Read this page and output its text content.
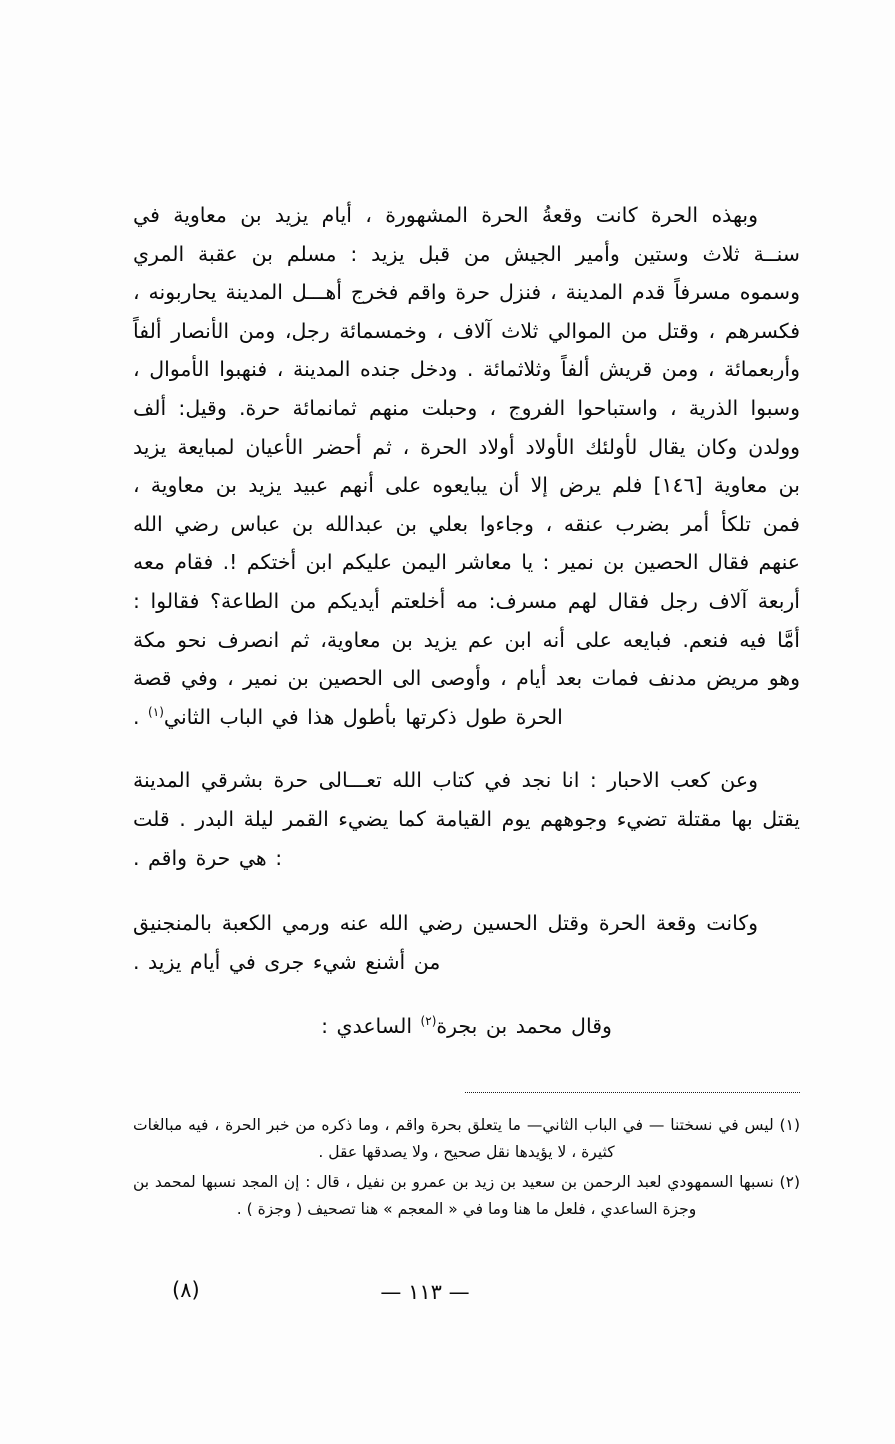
وبهذه الحرة كانت وقعةُ الحرة المشهورة ، أيام يزيد بن معاوية في سنــة ثلاث وستين وأمير الجيش من قبل يزيد : مسلم بن عقبة المري وسموه مسرفاً قدم المدينة ، فنزل حرة واقم فخرج أهـــل المدينة يحاربونه ، فكسرهم ، وقتل من الموالي ثلاث آلاف ، وخمسمائة رجل، ومن الأنصار ألفاً وأربعمائة ، ومن قريش ألفاً وثلاثمائة . ودخل جنده المدينة ، فنهبوا الأموال ، وسبوا الذرية ، واستباحوا الفروج ، وحبلت منهم ثمانمائة حرة. وقيل: ألف وولدن وكان يقال لأولئك الأولاد أولاد الحرة ، ثم أحضر الأعيان لمبايعة يزيد بن معاوية [١٤٦] فلم يرض إلا أن يبايعوه على أنهم عبيد يزيد بن معاوية ، فمن تلكأ أمر بضرب عنقه ، وجاءوا بعلي بن عبدالله بن عباس رضي الله عنهم فقال الحصين بن نمير : يا معاشر اليمن عليكم ابن أختكم !. فقام معه أربعة آلاف رجل فقال لهم مسرف: مه أخلعتم أيديكم من الطاعة؟ فقالوا : أمَّا فيه فنعم. فبايعه على أنه ابن عم يزيد بن معاوية، ثم انصرف نحو مكة وهو مريض مدنف فمات بعد أيام ، وأوصى الى الحصين بن نمير ، وفي قصة الحرة طول ذكرتها بأطول هذا في الباب الثاني$^{(١)}$ .

وعن كعب الاحبار : انا نجد في كتاب الله تعـــالى حرة بشرقي المدينة يقتل بها مقتلة تضيء وجوههم يوم القيامة كما يضيء القمر ليلة البدر . قلت : هي حرة واقم .

وكانت وقعة الحرة وقتل الحسين رضي الله عنه ورمي الكعبة بالمنجنيق من أشنع شيء جرى في أيام يزيد .

وقال محمد بن بجرة$^{(٢)}$ الساعدي :

(١) ليس في نسختنا — في الباب الثاني— ما يتعلق بحرة واقم ، وما ذكره من خبر الحرة ، فيه مبالغات كثيرة ، لا يؤيدها نقل صحيح ، ولا يصدقها عقل .

(٢) نسبها السمهودي لعبد الرحمن بن سعيد بن زيد بن عمرو بن نفيل ، قال : إن المجد نسبها لمحمد بن وجزة الساعدي ، فلعل ما هنا وما في « المعجم » هنا تصحيف ( وجزة ) .

(٨)	— ١١٣ —
